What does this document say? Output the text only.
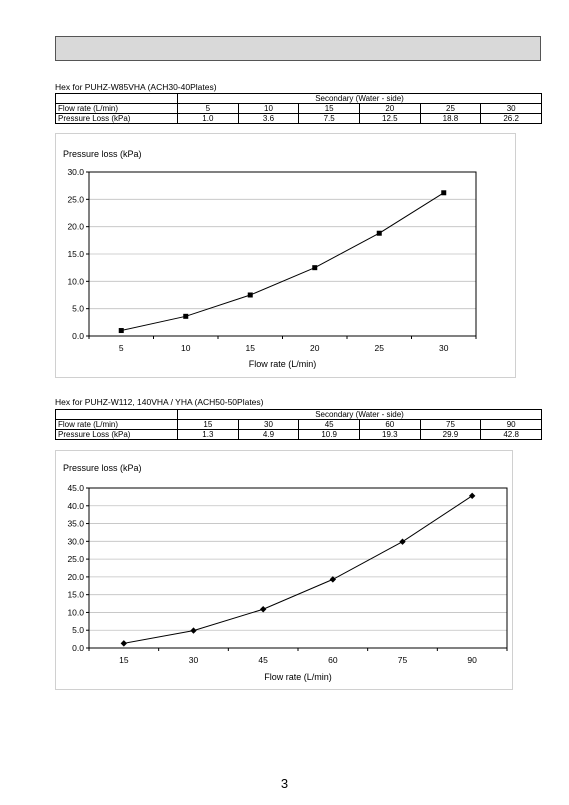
Hex for PUHZ-W85VHA (ACH30-40Plates)
	Secondary (Water - side)					
Flow rate (L/min)	5	10	15	20	25	30
Pressure Loss (kPa)	1.0	3.6	7.5	12.5	18.8	26.2
0.0
5.0
10.0
15.0
20.0
25.0
30.0
5	10	15	20	25	30
Pressure loss (kPa)
Flow rate (L/min)
Hex for PUHZ-W112, 140VHA / YHA (ACH50-50Plates)
	Secondary (Water - side)					
Flow rate (L/min)	15	30	45	60	75	90
Pressure Loss (kPa)	1.3	4.9	10.9	19.3	29.9	42.8
0.0
5.0
10.0
15.0
20.0
25.0
30.0
35.0
40.0
45.0
15	30	45	60	75	90
Pressure loss (kPa)
Flow rate (L/min)
3
